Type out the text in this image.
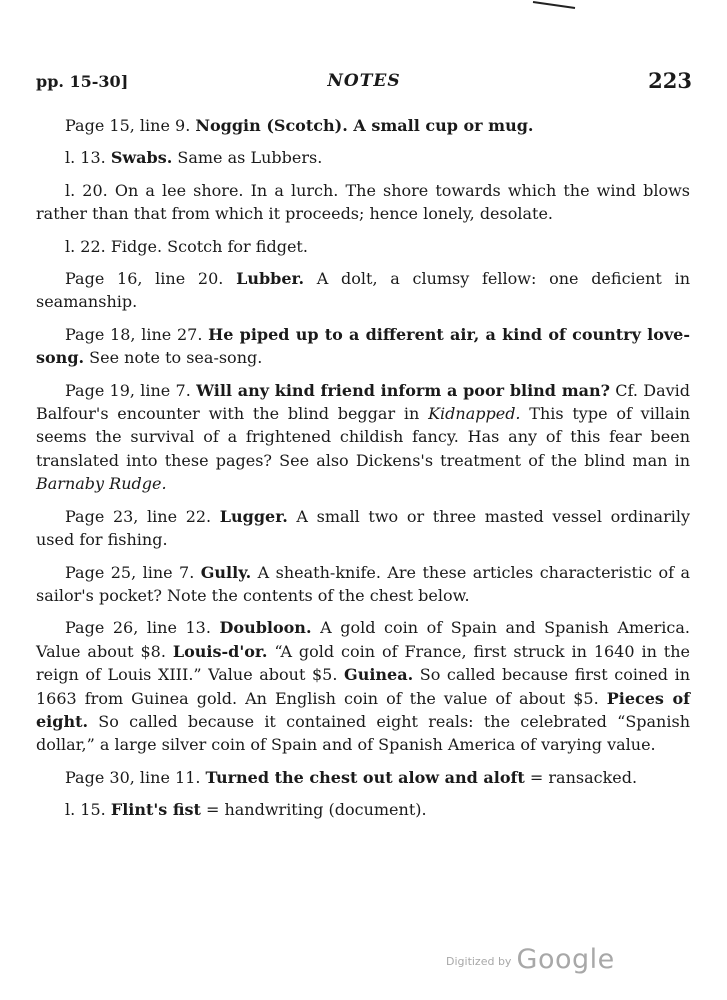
pp. 15-30]	NOTES	223

Page 15, line 9. Noggin (Scotch). A small cup or mug.

l. 13. Swabs. Same as Lubbers.

l. 20. On a lee shore. In a lurch. The shore towards which the wind blows rather than that from which it proceeds; hence lonely, desolate.

l. 22. Fidge. Scotch for fidget.

Page 16, line 20. Lubber. A dolt, a clumsy fellow: one deficient in seamanship.

Page 18, line 27. He piped up to a different air, a kind of country love-song. See note to sea-song.

Page 19, line 7. Will any kind friend inform a poor blind man? Cf. David Balfour's encounter with the blind beggar in Kidnapped. This type of villain seems the survival of a frightened childish fancy. Has any of this fear been translated into these pages? See also Dickens's treatment of the blind man in Barnaby Rudge.

Page 23, line 22. Lugger. A small two or three masted vessel ordinarily used for fishing.

Page 25, line 7. Gully. A sheath-knife. Are these articles characteristic of a sailor's pocket? Note the contents of the chest below.

Page 26, line 13. Doubloon. A gold coin of Spain and Spanish America. Value about $8. Louis-d'or. “A gold coin of France, first struck in 1640 in the reign of Louis XIII.” Value about $5. Guinea. So called because first coined in 1663 from Guinea gold. An English coin of the value of about $5. Pieces of eight. So called because it contained eight reals: the celebrated “Spanish dollar,” a large silver coin of Spain and of Spanish America of varying value.

Page 30, line 11. Turned the chest out alow and aloft = ransacked.

l. 15. Flint's fist = handwriting (document).

Digitized by Google
